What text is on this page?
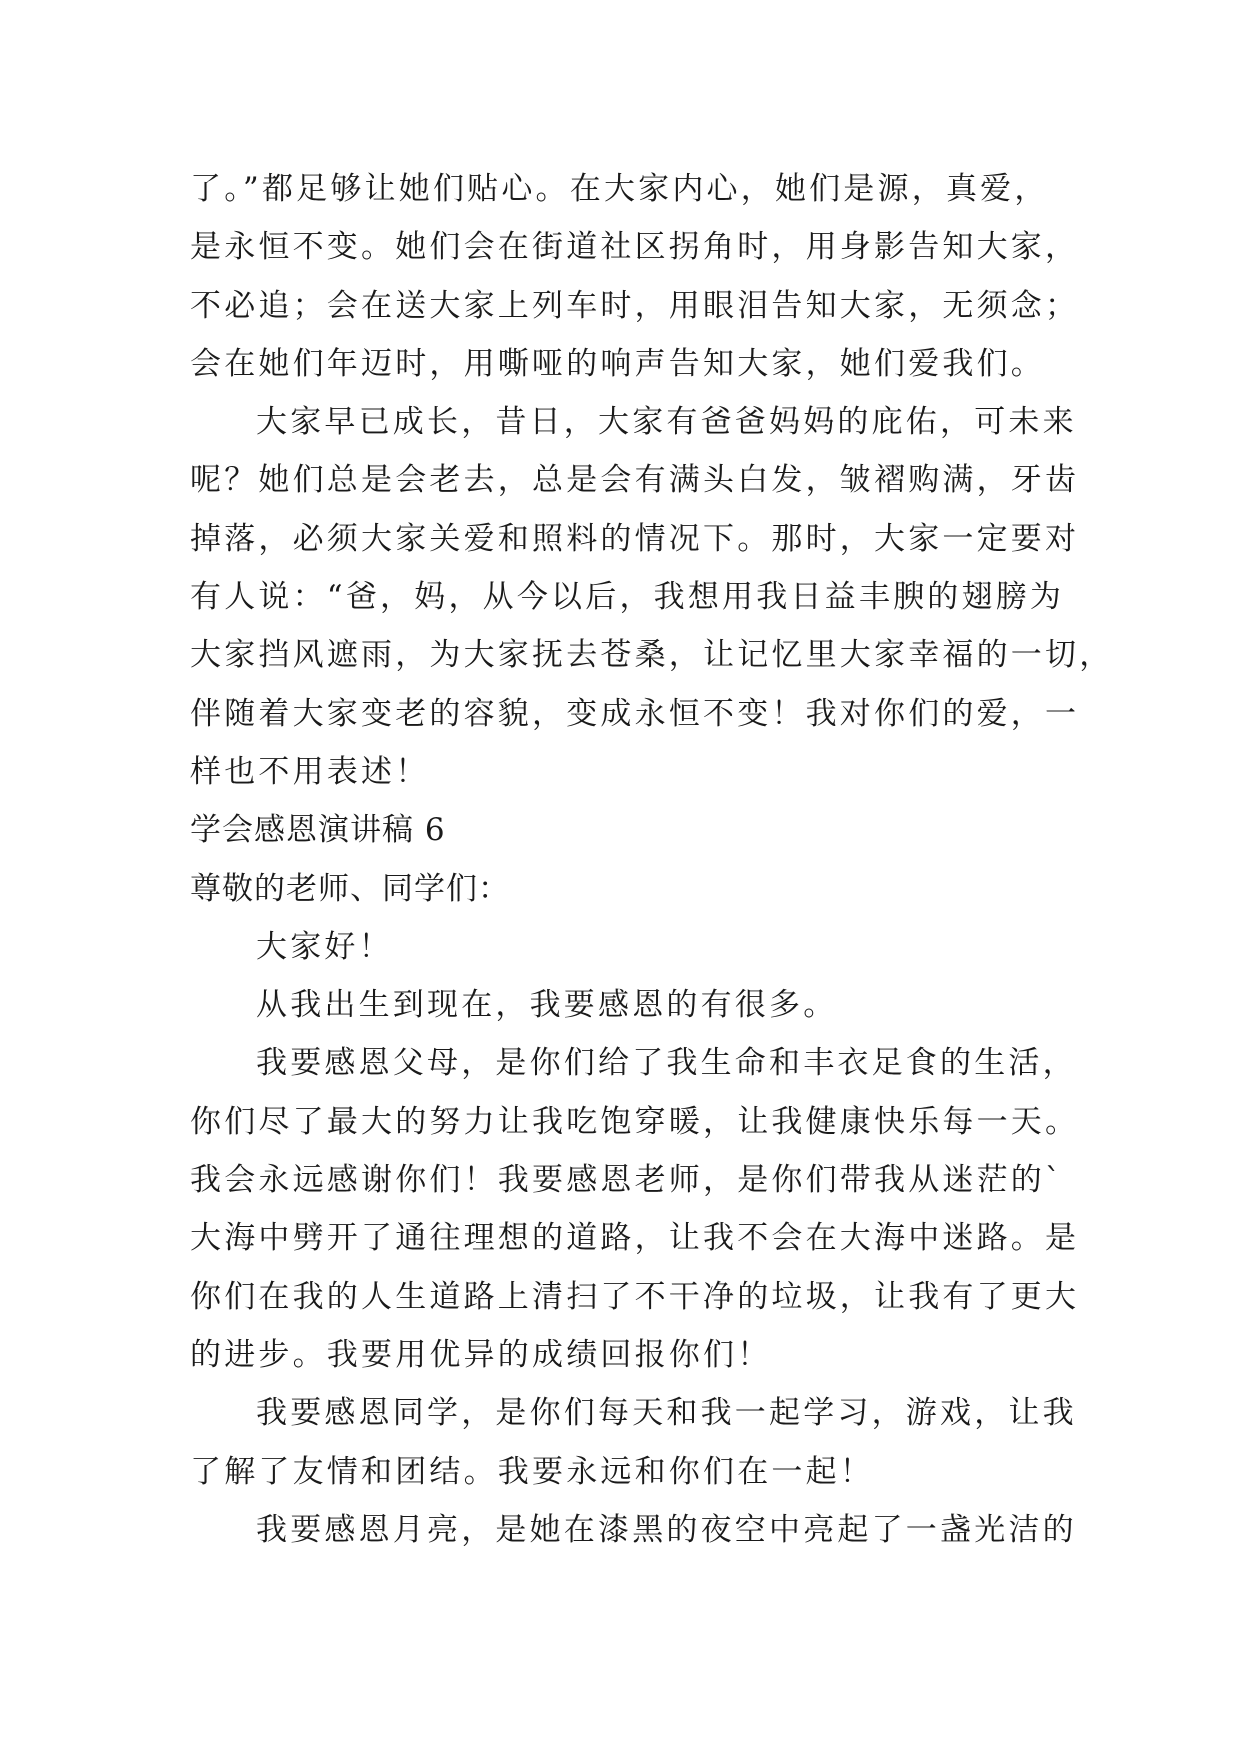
了。”都足够让她们贴心。在大家内心，她们是源，真爱，
是永恒不变。她们会在街道社区拐角时，用身影告知大家，
不必追；会在送大家上列车时，用眼泪告知大家，无须念；
会在她们年迈时，用嘶哑的响声告知大家，她们爱我们。
大家早已成长，昔日，大家有爸爸妈妈的庇佑，可未来
呢？她们总是会老去，总是会有满头白发，皱褶购满，牙齿
掉落，必须大家关爱和照料的情况下。那时，大家一定要对
有人说：“爸，妈，从今以后，我想用我日益丰腴的翅膀为
大家挡风遮雨，为大家抚去苍桑，让记忆里大家幸福的一切，
伴随着大家变老的容貌，变成永恒不变！我对你们的爱，一
样也不用表述！
学会感恩演讲稿 6
尊敬的老师、同学们：
大家好！
从我出生到现在，我要感恩的有很多。
我要感恩父母，是你们给了我生命和丰衣足食的生活，
你们尽了最大的努力让我吃饱穿暖，让我健康快乐每一天。
我会永远感谢你们！我要感恩老师，是你们带我从迷茫的`
大海中劈开了通往理想的道路，让我不会在大海中迷路。是
你们在我的人生道路上清扫了不干净的垃圾，让我有了更大
的进步。我要用优异的成绩回报你们！
我要感恩同学，是你们每天和我一起学习，游戏，让我
了解了友情和团结。我要永远和你们在一起！
我要感恩月亮，是她在漆黑的夜空中亮起了一盏光洁的
